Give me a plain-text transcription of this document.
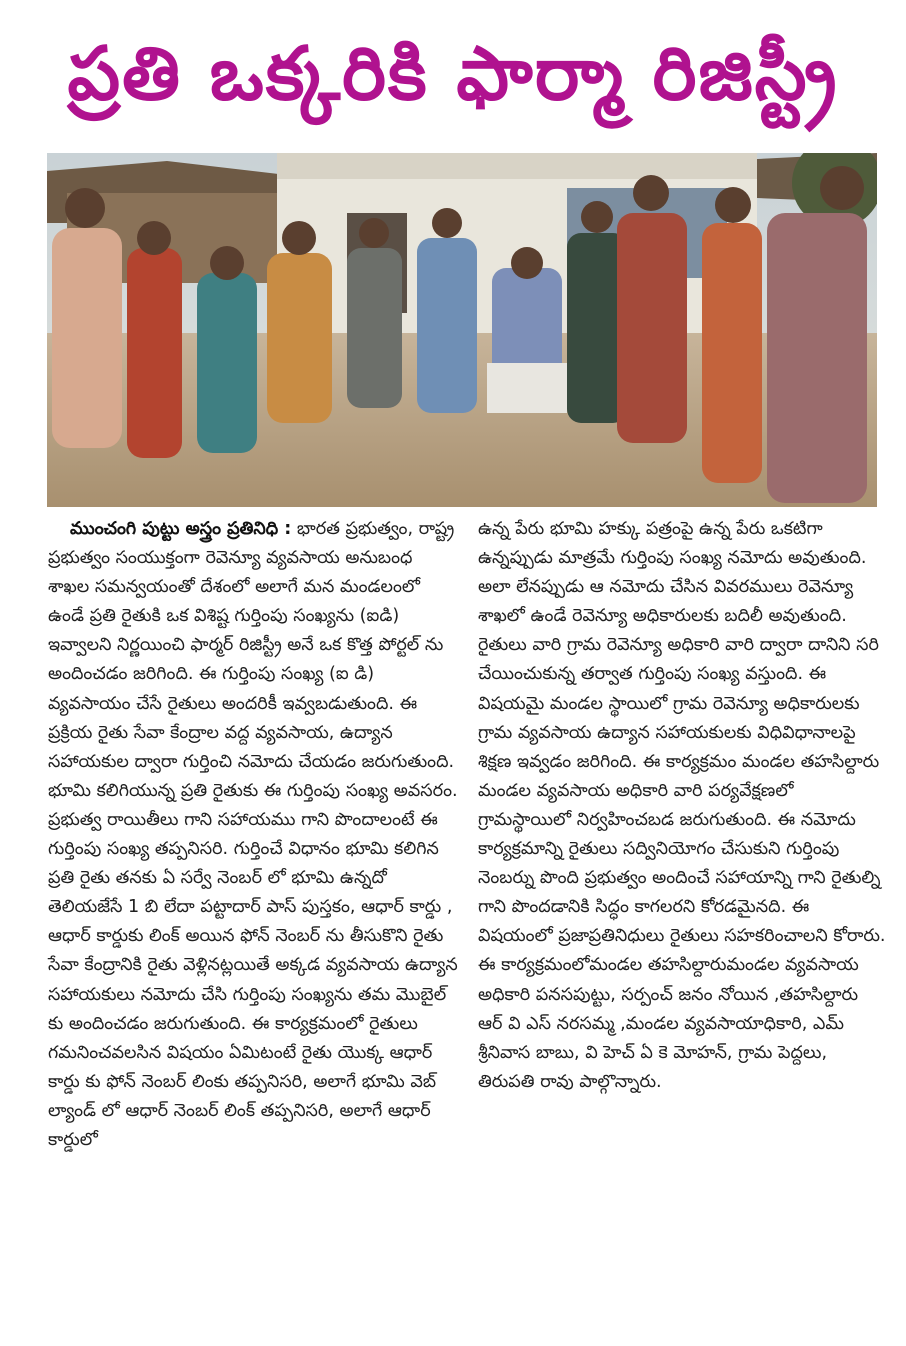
ప్రతి ఒక్కరికి ఫార్మా రిజిస్ట్రీ

ముంచంగి పుట్టు అస్త్రం ప్రతినిధి : భారత ప్రభుత్వం, రాష్ట్ర ప్రభుత్వం సంయుక్తంగా రెవెన్యూ వ్యవసాయ అనుబంధ శాఖల సమన్వయంతో దేశంలో అలాగే మన మండలంలో ఉండే ప్రతి రైతుకి ఒక విశిష్ట గుర్తింపు సంఖ్యను (ఐడి) ఇవ్వాలని నిర్ణయించి ఫార్మర్ రిజిస్ట్రీ అనే ఒక కొత్త పోర్టల్ ను అందించడం జరిగింది. ఈ గుర్తింపు సంఖ్య (ఐ డి) వ్యవసాయం చేసే రైతులు అందరికీ ఇవ్వబడుతుంది. ఈ ప్రక్రియ రైతు సేవా కేంద్రాల వద్ద వ్యవసాయ, ఉద్యాన సహాయకుల ద్వారా గుర్తించి నమోదు చేయడం జరుగుతుంది. భూమి కలిగియున్న ప్రతి రైతుకు ఈ గుర్తింపు సంఖ్య అవసరం. ప్రభుత్వ రాయితీలు గాని సహాయము గాని పొందాలంటే ఈ గుర్తింపు సంఖ్య తప్పనిసరి. గుర్తించే విధానం భూమి కలిగిన ప్రతి రైతు తనకు ఏ సర్వే నెంబర్ లో భూమి ఉన్నదో తెలియజేసే 1 బి లేదా పట్టాదార్ పాస్ పుస్తకం, ఆధార్ కార్డు , ఆధార్ కార్డుకు లింక్ అయిన ఫోన్ నెంబర్ ను తీసుకొని రైతు సేవా కేంద్రానికి రైతు వెళ్లినట్లయితే అక్కడ వ్యవసాయ ఉద్యాన సహాయకులు నమోదు చేసి గుర్తింపు సంఖ్యను తమ మొబైల్ కు అందించడం జరుగుతుంది. ఈ కార్యక్రమంలో రైతులు గమనించవలసిన విషయం ఏమిటంటే రైతు యొక్క ఆధార్ కార్డు కు ఫోన్ నెంబర్ లింకు తప్పనిసరి, అలాగే భూమి వెబ్ ల్యాండ్ లో ఆధార్ నెంబర్ లింక్ తప్పనిసరి, అలాగే ఆధార్ కార్డులో

ఉన్న పేరు భూమి హక్కు పత్రంపై ఉన్న పేరు ఒకటిగా ఉన్నప్పుడు మాత్రమే గుర్తింపు సంఖ్య నమోదు అవుతుంది. అలా లేనప్పుడు ఆ నమోదు చేసిన వివరములు రెవెన్యూ శాఖలో ఉండే రెవెన్యూ అధికారులకు బదిలీ అవుతుంది. రైతులు వారి గ్రామ రెవెన్యూ అధికారి వారి ద్వారా దానిని సరి చేయించుకున్న తర్వాత గుర్తింపు సంఖ్య వస్తుంది. ఈ విషయమై మండల స్థాయిలో గ్రామ రెవెన్యూ అధికారులకు గ్రామ వ్యవసాయ ఉద్యాన సహాయకులకు విధివిధానాలపై శిక్షణ ఇవ్వడం జరిగింది. ఈ కార్యక్రమం మండల తహసిల్దారు మండల వ్యవసాయ అధికారి వారి పర్యవేక్షణలో గ్రామస్థాయిలో నిర్వహించబడ జరుగుతుంది. ఈ నమోదు కార్యక్రమాన్ని రైతులు సద్వినియోగం చేసుకుని గుర్తింపు నెంబర్ను పొంది ప్రభుత్వం అందించే సహాయాన్ని గాని రైతుల్ని గాని పొందడానికి సిద్ధం కాగలరని కోరడమైనది. ఈ విషయంలో ప్రజాప్రతినిధులు రైతులు సహకరించాలని కోరారు. ఈ కార్యక్రమంలోమండల తహసిల్దారుమండల వ్యవసాయ అధికారి పనసపుట్టు, సర్పంచ్ జనం నోయిన ,తహసిల్దారు ఆర్ వి ఎస్ నరసమ్మ ,మండల వ్యవసాయాధికారి, ఎమ్ శ్రీనివాస బాబు, వి హెచ్ ఏ కె మోహన్, గ్రామ పెద్దలు, తిరుపతి రావు పాల్గొన్నారు.
